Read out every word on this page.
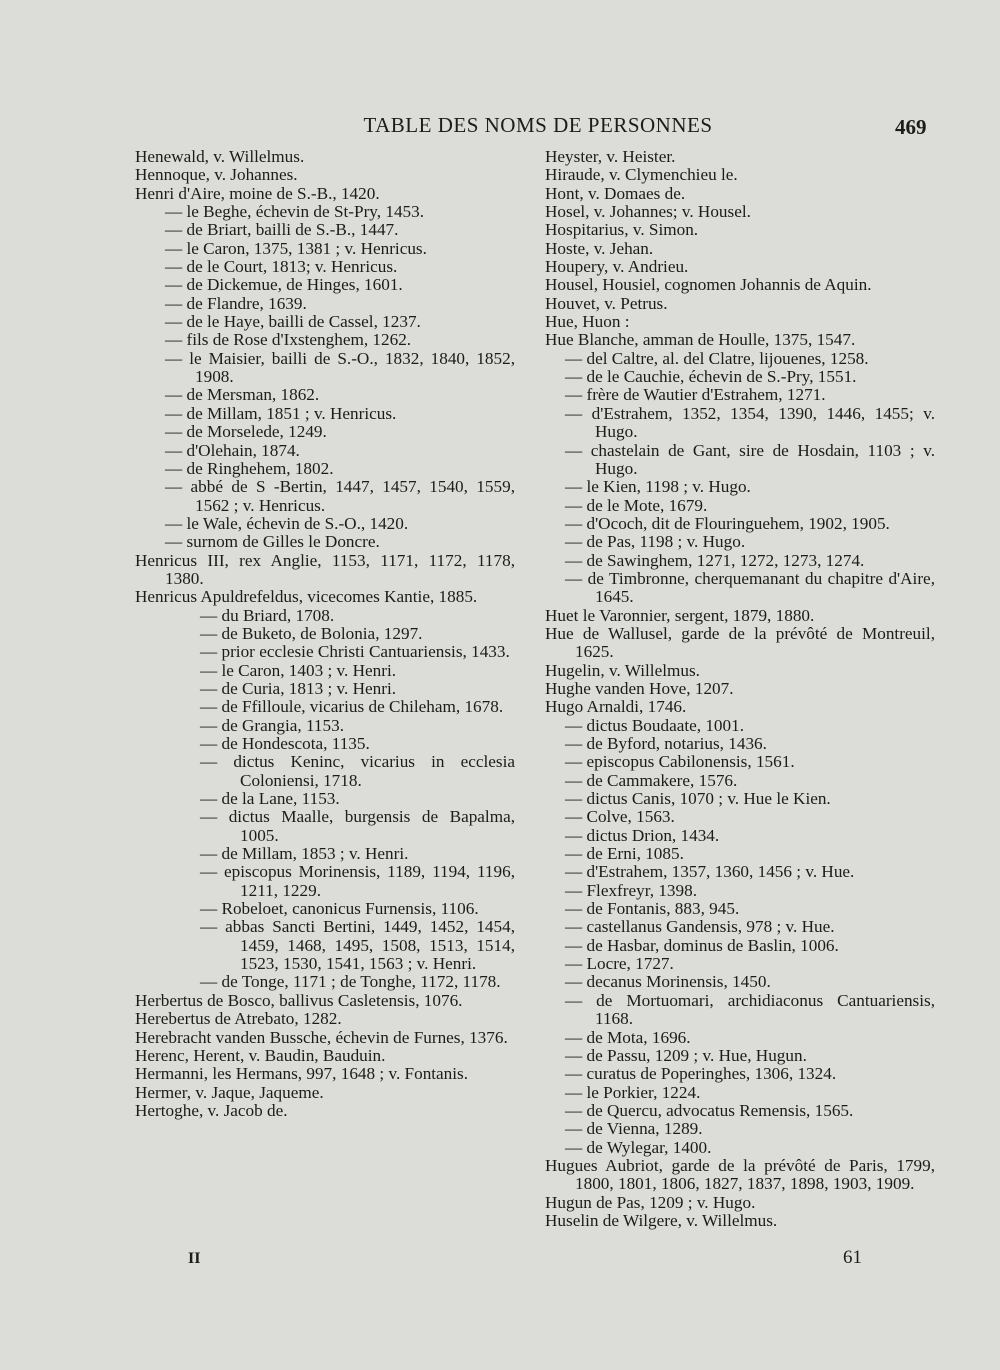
TABLE DES NOMS DE PERSONNES	469
Henewald, v. Willelmus.
Hennoque, v. Johannes.
Henri d'Aire, moine de S.-B., 1420.
— le Beghe, échevin de St-Pry, 1453.
— de Briart, bailli de S.-B., 1447.
— le Caron, 1375, 1381 ; v. Henricus.
— de le Court, 1813; v. Henricus.
— de Dickemue, de Hinges, 1601.
— de Flandre, 1639.
— de le Haye, bailli de Cassel, 1237.
— fils de Rose d'Ixstenghem, 1262.
— le Maisier, bailli de S.-O., 1832, 1840, 1852, 1908.
— de Mersman, 1862.
— de Millam, 1851 ; v. Henricus.
— de Morselede, 1249.
— d'Olehain, 1874.
— de Ringhehem, 1802.
— abbé de S -Bertin, 1447, 1457, 1540, 1559, 1562 ; v. Henricus.
— le Wale, échevin de S.-O., 1420.
— surnom de Gilles le Doncre.
Henricus III, rex Anglie, 1153, 1171, 1172, 1178, 1380.
Henricus Apuldrefeldus, vicecomes Kantie, 1885.
— du Briard, 1708.
— de Buketo, de Bolonia, 1297.
— prior ecclesie Christi Cantuariensis, 1433.
— le Caron, 1403 ; v. Henri.
— de Curia, 1813 ; v. Henri.
— de Ffilloule, vicarius de Chileham, 1678.
— de Grangia, 1153.
— de Hondescota, 1135.
— dictus Keninc, vicarius in ecclesia Coloniensi, 1718.
— de la Lane, 1153.
— dictus Maalle, burgensis de Bapalma, 1005.
— de Millam, 1853 ; v. Henri.
— episcopus Morinensis, 1189, 1194, 1196, 1211, 1229.
— Robeloet, canonicus Furnensis, 1106.
— abbas Sancti Bertini, 1449, 1452, 1454, 1459, 1468, 1495, 1508, 1513, 1514, 1523, 1530, 1541, 1563 ; v. Henri.
— de Tonge, 1171 ; de Tonghe, 1172, 1178.
Herbertus de Bosco, ballivus Casletensis, 1076.
Herebertus de Atrebato, 1282.
Herebracht vanden Bussche, échevin de Furnes, 1376.
Herenc, Herent, v. Baudin, Bauduin.
Hermanni, les Hermans, 997, 1648 ; v. Fontanis.
Hermer, v. Jaque, Jaqueme.
Hertoghe, v. Jacob de.
Heyster, v. Heister.
Hiraude, v. Clymenchieu le.
Hont, v. Domaes de.
Hosel, v. Johannes; v. Housel.
Hospitarius, v. Simon.
Hoste, v. Jehan.
Houpery, v. Andrieu.
Housel, Housiel, cognomen Johannis de Aquin.
Houvet, v. Petrus.
Hue, Huon :
Hue Blanche, amman de Houlle, 1375, 1547.
— del Caltre, al. del Clatre, lijouenes, 1258.
— de le Cauchie, échevin de S.-Pry, 1551.
— frère de Wautier d'Estrahem, 1271.
— d'Estrahem, 1352, 1354, 1390, 1446, 1455; v. Hugo.
— chastelain de Gant, sire de Hosdain, 1103 ; v. Hugo.
— le Kien, 1198 ; v. Hugo.
— de le Mote, 1679.
— d'Ococh, dit de Flouringuehem, 1902, 1905.
— de Pas, 1198 ; v. Hugo.
— de Sawinghem, 1271, 1272, 1273, 1274.
— de Timbronne, cherquemanant du chapitre d'Aire, 1645.
Huet le Varonnier, sergent, 1879, 1880.
Hue de Wallusel, garde de la prévôté de Montreuil, 1625.
Hugelin, v. Willelmus.
Hughe vanden Hove, 1207.
Hugo Arnaldi, 1746.
— dictus Boudaate, 1001.
— de Byford, notarius, 1436.
— episcopus Cabilonensis, 1561.
— de Cammakere, 1576.
— dictus Canis, 1070 ; v. Hue le Kien.
— Colve, 1563.
— dictus Drion, 1434.
— de Erni, 1085.
— d'Estrahem, 1357, 1360, 1456 ; v. Hue.
— Flexfreyr, 1398.
— de Fontanis, 883, 945.
— castellanus Gandensis, 978 ; v. Hue.
— de Hasbar, dominus de Baslin, 1006.
— Locre, 1727.
— decanus Morinensis, 1450.
— de Mortuomari, archidiaconus Cantuariensis, 1168.
— de Mota, 1696.
— de Passu, 1209 ; v. Hue, Hugun.
— curatus de Poperinghes, 1306, 1324.
— le Porkier, 1224.
— de Quercu, advocatus Remensis, 1565.
— de Vienna, 1289.
— de Wylegar, 1400.
Hugues Aubriot, garde de la prévôté de Paris, 1799, 1800, 1801, 1806, 1827, 1837, 1898, 1903, 1909.
Hugun de Pas, 1209 ; v. Hugo.
Huselin de Wilgere, v. Willelmus.
II	61
